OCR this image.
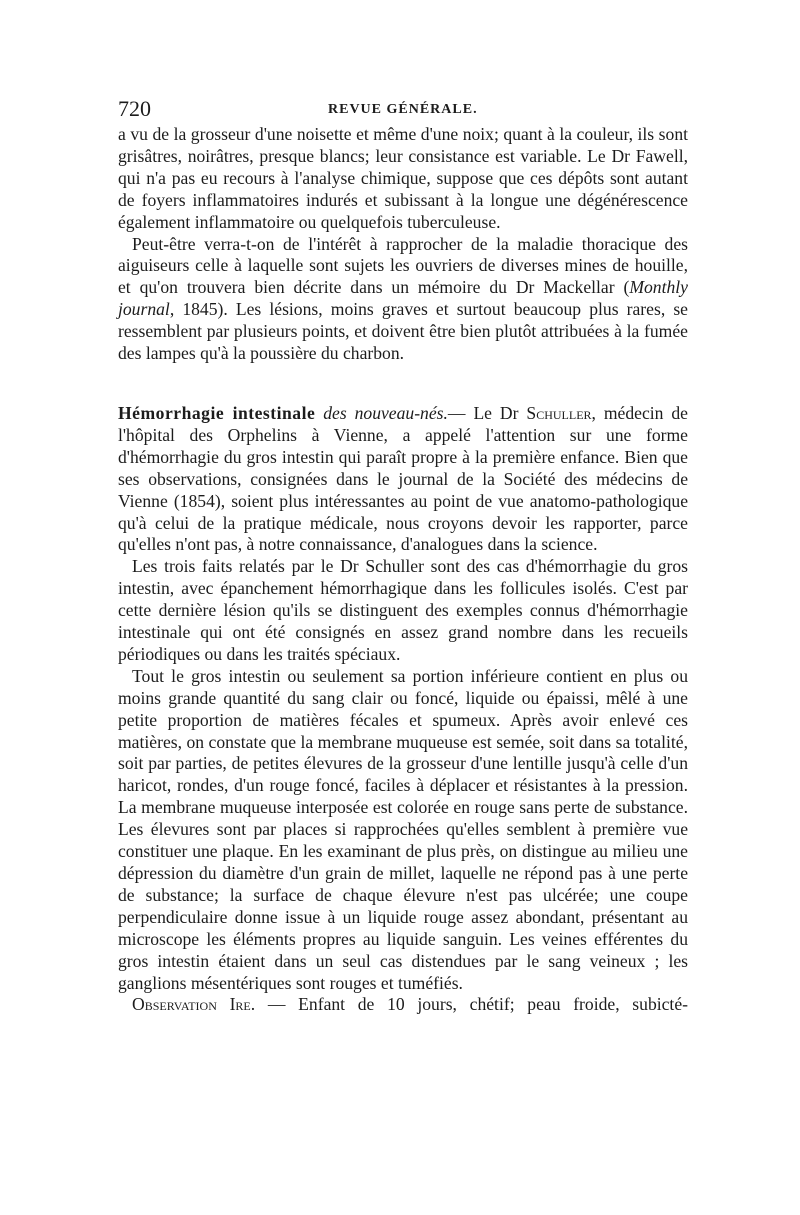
720	REVUE GÉNÉRALE.

a vu de la grosseur d'une noisette et même d'une noix; quant à la couleur, ils sont grisâtres, noirâtres, presque blancs; leur consistance est variable. Le Dr Fawell, qui n'a pas eu recours à l'analyse chimique, suppose que ces dépôts sont autant de foyers inflammatoires indurés et subissant à la longue une dégénérescence également inflammatoire ou quelquefois tuberculeuse.

Peut-être verra-t-on de l'intérêt à rapprocher de la maladie thoracique des aiguiseurs celle à laquelle sont sujets les ouvriers de diverses mines de houille, et qu'on trouvera bien décrite dans un mémoire du Dr Mackellar (Monthly journal, 1845). Les lésions, moins graves et surtout beaucoup plus rares, se ressemblent par plusieurs points, et doivent être bien plutôt attribuées à la fumée des lampes qu'à la poussière du charbon.

Hémorrhagie intestinale des nouveau-nés.— Le Dr Schuller, médecin de l'hôpital des Orphelins à Vienne, a appelé l'attention sur une forme d'hémorrhagie du gros intestin qui paraît propre à la première enfance. Bien que ses observations, consignées dans le journal de la Société des médecins de Vienne (1854), soient plus intéressantes au point de vue anatomo-pathologique qu'à celui de la pratique médicale, nous croyons devoir les rapporter, parce qu'elles n'ont pas, à notre connaissance, d'analogues dans la science.

Les trois faits relatés par le Dr Schuller sont des cas d'hémorrhagie du gros intestin, avec épanchement hémorrhagique dans les follicules isolés. C'est par cette dernière lésion qu'ils se distinguent des exemples connus d'hémorrhagie intestinale qui ont été consignés en assez grand nombre dans les recueils périodiques ou dans les traités spéciaux.

Tout le gros intestin ou seulement sa portion inférieure contient en plus ou moins grande quantité du sang clair ou foncé, liquide ou épaissi, mêlé à une petite proportion de matières fécales et spumeux. Après avoir enlevé ces matières, on constate que la membrane muqueuse est semée, soit dans sa totalité, soit par parties, de petites élevures de la grosseur d'une lentille jusqu'à celle d'un haricot, rondes, d'un rouge foncé, faciles à déplacer et résistantes à la pression. La membrane muqueuse interposée est colorée en rouge sans perte de substance. Les élevures sont par places si rapprochées qu'elles semblent à première vue constituer une plaque. En les examinant de plus près, on distingue au milieu une dépression du diamètre d'un grain de millet, laquelle ne répond pas à une perte de substance; la surface de chaque élevure n'est pas ulcérée; une coupe perpendiculaire donne issue à un liquide rouge assez abondant, présentant au microscope les éléments propres au liquide sanguin. Les veines efférentes du gros intestin étaient dans un seul cas distendues par le sang veineux ; les ganglions mésentériques sont rouges et tuméfiés.

Observation Ire. — Enfant de 10 jours, chétif; peau froide, subicté-
